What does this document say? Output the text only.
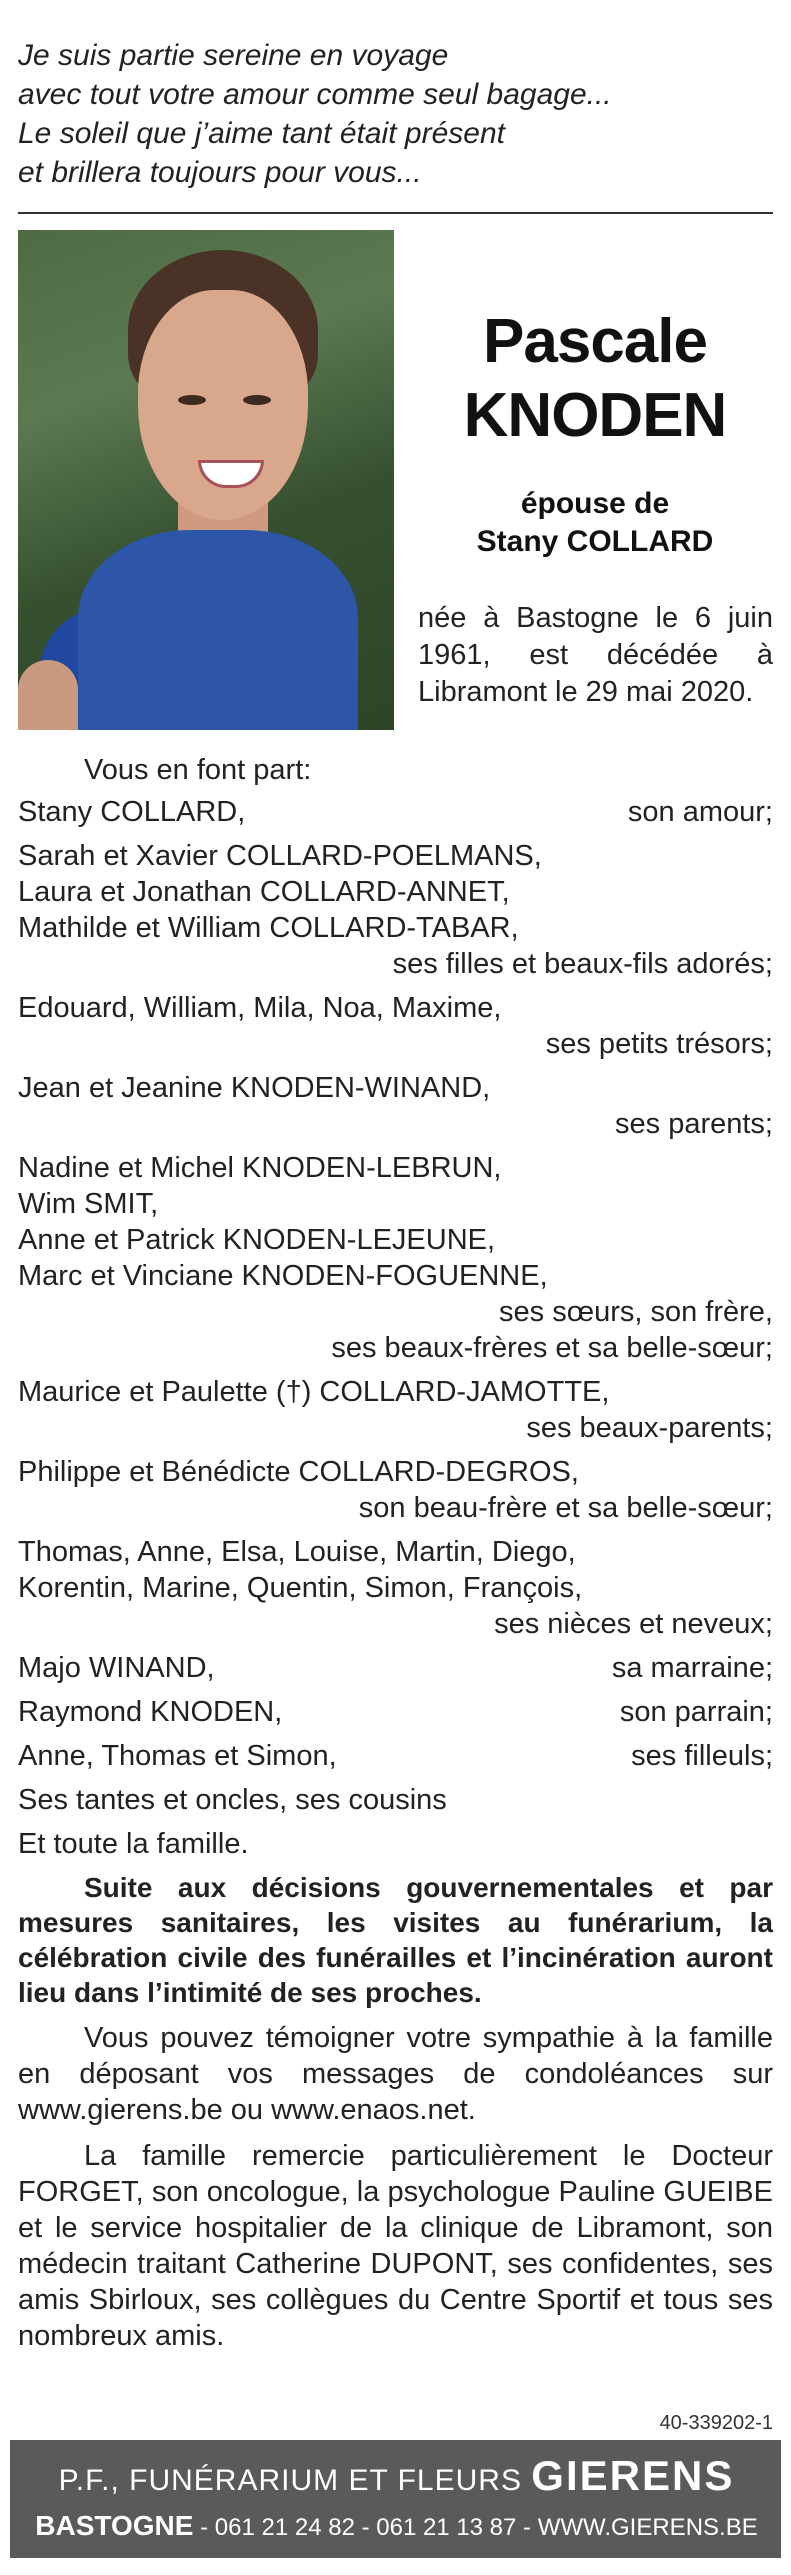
Je suis partie sereine en voyage
avec tout votre amour comme seul bagage...
Le soleil que j’aime tant était présent
et brillera toujours pour vous...
Pascale
KNODEN
épouse de
Stany COLLARD
née à Bastogne le 6 juin 1961, est décédée à Libramont le 29 mai 2020.
Vous en font part:
Stany COLLARD,	son amour;
Sarah et Xavier COLLARD-POELMANS,
Laura et Jonathan COLLARD-ANNET,
Mathilde et William COLLARD-TABAR,
ses filles et beaux-fils adorés;
Edouard, William, Mila, Noa, Maxime,
ses petits trésors;
Jean et Jeanine KNODEN-WINAND,
ses parents;
Nadine et Michel KNODEN-LEBRUN,
Wim SMIT,
Anne et Patrick KNODEN-LEJEUNE,
Marc et Vinciane KNODEN-FOGUENNE,
ses sœurs, son frère,
ses beaux-frères et sa belle-sœur;
Maurice et Paulette (†) COLLARD-JAMOTTE,
ses beaux-parents;
Philippe et Bénédicte COLLARD-DEGROS,
son beau-frère et sa belle-sœur;
Thomas, Anne, Elsa, Louise, Martin, Diego,
Korentin, Marine, Quentin, Simon, François,
ses nièces et neveux;
Majo WINAND,	sa marraine;
Raymond KNODEN,	son parrain;
Anne, Thomas et Simon,	ses filleuls;
Ses tantes et oncles, ses cousins
Et toute la famille.
Suite aux décisions gouvernementales et par mesures sanitaires, les visites au funérarium, la célébration civile des funérailles et l’incinération auront lieu dans l’intimité de ses proches.
Vous pouvez témoigner votre sympathie à la famille en déposant vos messages de condoléances sur www.gierens.be ou www.enaos.net.
La famille remercie particulièrement le Docteur FORGET, son oncologue, la psychologue Pauline GUEIBE et le service hospitalier de la clinique de Libramont, son médecin traitant Catherine DUPONT, ses confidentes, ses amis Sbirloux, ses collègues du Centre Sportif et tous ses nombreux amis.
40-339202-1
P.F., FUNÉRARIUM ET FLEURS GIERENS
BASTOGNE - 061 21 24 82 - 061 21 13 87 - WWW.GIERENS.BE
